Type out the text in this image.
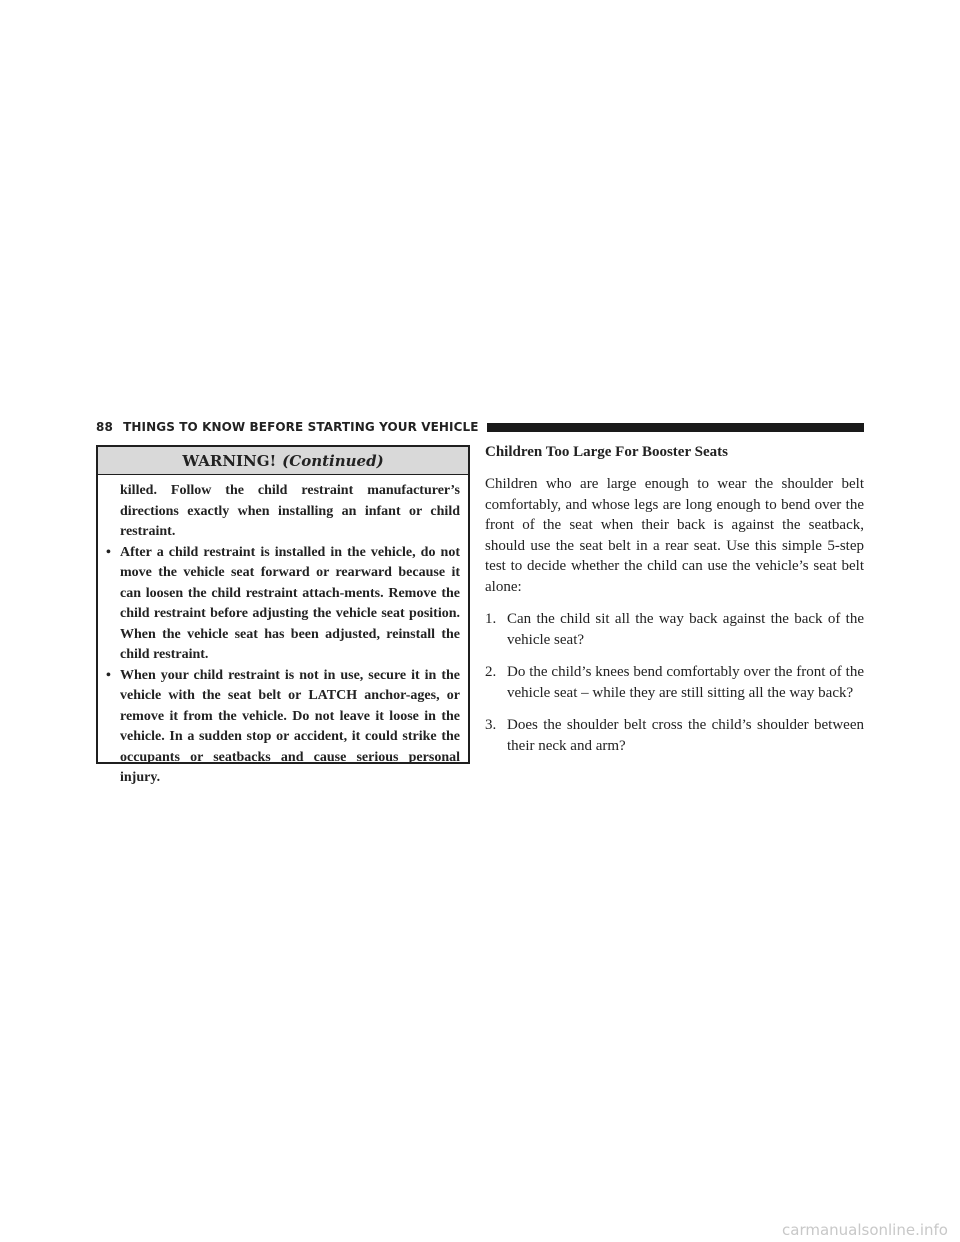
88 THINGS TO KNOW BEFORE STARTING YOUR VEHICLE
WARNING! (Continued)

killed. Follow the child restraint manufacturer’s directions exactly when installing an infant or child restraint.

• After a child restraint is installed in the vehicle, do not move the vehicle seat forward or rearward because it can loosen the child restraint attach-ments. Remove the child restraint before adjusting the vehicle seat position. When the vehicle seat has been adjusted, reinstall the child restraint.
• When your child restraint is not in use, secure it in the vehicle with the seat belt or LATCH anchor-ages, or remove it from the vehicle. Do not leave it loose in the vehicle. In a sudden stop or accident, it could strike the occupants or seatbacks and cause serious personal injury.
Children Too Large For Booster Seats

Children who are large enough to wear the shoulder belt comfortably, and whose legs are long enough to bend over the front of the seat when their back is against the seatback, should use the seat belt in a rear seat. Use this simple 5-step test to decide whether the child can use the vehicle’s seat belt alone:

1. Can the child sit all the way back against the back of the vehicle seat?
2. Do the child’s knees bend comfortably over the front of the vehicle seat – while they are still sitting all the way back?
3. Does the shoulder belt cross the child’s shoulder between their neck and arm?
carmanualsonline.info
